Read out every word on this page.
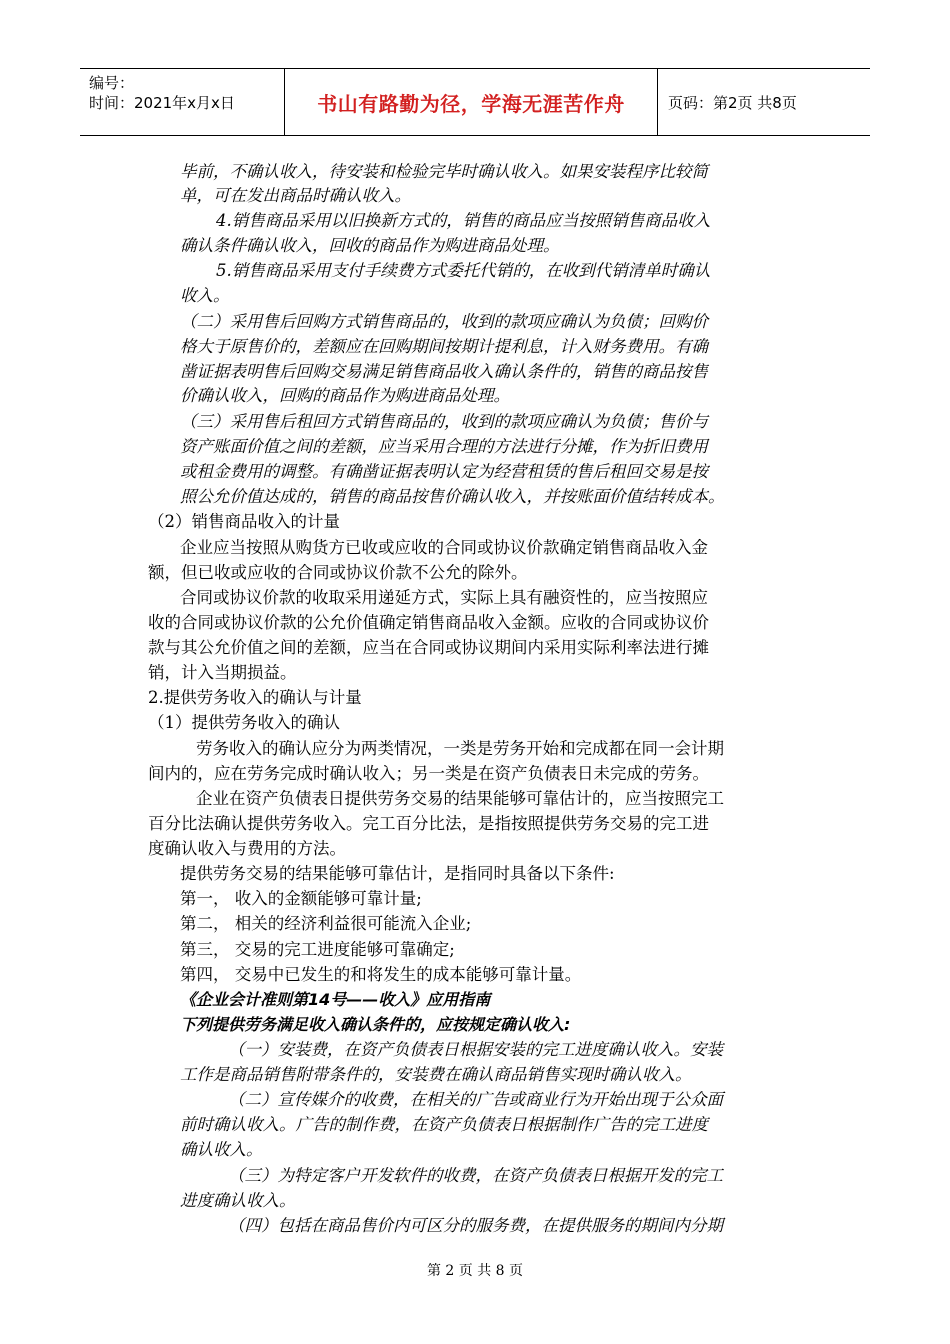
编号：
时间：2021年x月x日	书山有路勤为径，学海无涯苦作舟	页码：第2页 共8页
毕前，不确认收入，待安装和检验完毕时确认收入。如果安装程序比较简
单，可在发出商品时确认收入。
4.销售商品采用以旧换新方式的，销售的商品应当按照销售商品收入
确认条件确认收入，回收的商品作为购进商品处理。
5.销售商品采用支付手续费方式委托代销的，在收到代销清单时确认
收入。
（二）采用售后回购方式销售商品的，收到的款项应确认为负债；回购价
格大于原售价的，差额应在回购期间按期计提利息，计入财务费用。有确
凿证据表明售后回购交易满足销售商品收入确认条件的，销售的商品按售
价确认收入，回购的商品作为购进商品处理。
（三）采用售后租回方式销售商品的，收到的款项应确认为负债；售价与
资产账面价值之间的差额，应当采用合理的方法进行分摊，作为折旧费用
或租金费用的调整。有确凿证据表明认定为经营租赁的售后租回交易是按
照公允价值达成的，销售的商品按售价确认收入，并按账面价值结转成本。
（2）销售商品收入的计量
企业应当按照从购货方已收或应收的合同或协议价款确定销售商品收入金
额，但已收或应收的合同或协议价款不公允的除外。
合同或协议价款的收取采用递延方式，实际上具有融资性的，应当按照应
收的合同或协议价款的公允价值确定销售商品收入金额。应收的合同或协议价
款与其公允价值之间的差额，应当在合同或协议期间内采用实际利率法进行摊
销，计入当期损益。
2.提供劳务收入的确认与计量
（1）提供劳务收入的确认
劳务收入的确认应分为两类情况，一类是劳务开始和完成都在同一会计期
间内的，应在劳务完成时确认收入；另一类是在资产负债表日未完成的劳务。
企业在资产负债表日提供劳务交易的结果能够可靠估计的，应当按照完工
百分比法确认提供劳务收入。完工百分比法，是指按照提供劳务交易的完工进
度确认收入与费用的方法。
提供劳务交易的结果能够可靠估计，是指同时具备以下条件:
第一， 收入的金额能够可靠计量;
第二， 相关的经济利益很可能流入企业;
第三， 交易的完工进度能够可靠确定;
第四， 交易中已发生的和将发生的成本能够可靠计量。
《企业会计准则第14号——收入》应用指南
下列提供劳务满足收入确认条件的，应按规定确认收入:
（一）安装费，在资产负债表日根据安装的完工进度确认收入。安装
工作是商品销售附带条件的，安装费在确认商品销售实现时确认收入。
（二）宣传媒介的收费，在相关的广告或商业行为开始出现于公众面
前时确认收入。广告的制作费，在资产负债表日根据制作广告的完工进度
确认收入。
（三）为特定客户开发软件的收费，在资产负债表日根据开发的完工
进度确认收入。
（四）包括在商品售价内可区分的服务费，在提供服务的期间内分期
第 2 页 共 8 页
